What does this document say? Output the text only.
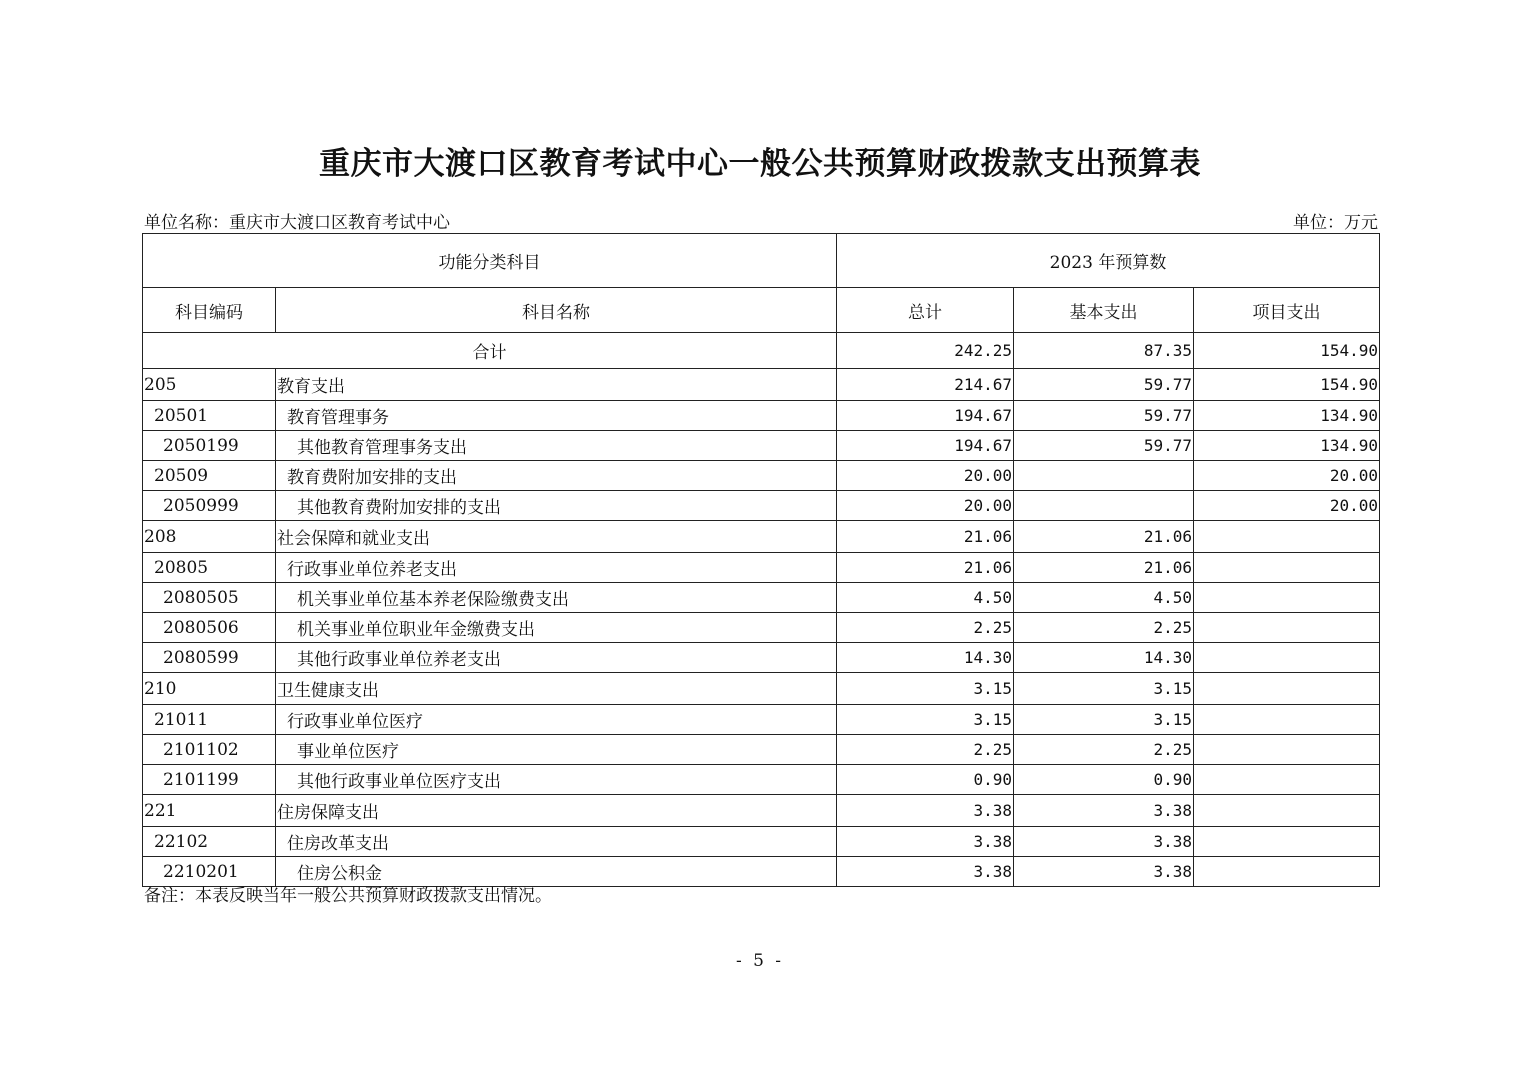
重庆市大渡口区教育考试中心一般公共预算财政拨款支出预算表
单位名称：重庆市大渡口区教育考试中心	单位：万元
功能分类科目		2023 年预算数		
科目编码	科目名称	总计	基本支出	项目支出
合计		242.25	87.35	154.90
205	教育支出	214.67	59.77	154.90
20501	教育管理事务	194.67	59.77	134.90
2050199	其他教育管理事务支出	194.67	59.77	134.90
20509	教育费附加安排的支出	20.00		20.00
2050999	其他教育费附加安排的支出	20.00		20.00
208	社会保障和就业支出	21.06	21.06	
20805	行政事业单位养老支出	21.06	21.06	
2080505	机关事业单位基本养老保险缴费支出	4.50	4.50	
2080506	机关事业单位职业年金缴费支出	2.25	2.25	
2080599	其他行政事业单位养老支出	14.30	14.30	
210	卫生健康支出	3.15	3.15	
21011	行政事业单位医疗	3.15	3.15	
2101102	事业单位医疗	2.25	2.25	
2101199	其他行政事业单位医疗支出	0.90	0.90	
221	住房保障支出	3.38	3.38	
22102	住房改革支出	3.38	3.38	
2210201	住房公积金	3.38	3.38	
备注：本表反映当年一般公共预算财政拨款支出情况。
- 5 -
